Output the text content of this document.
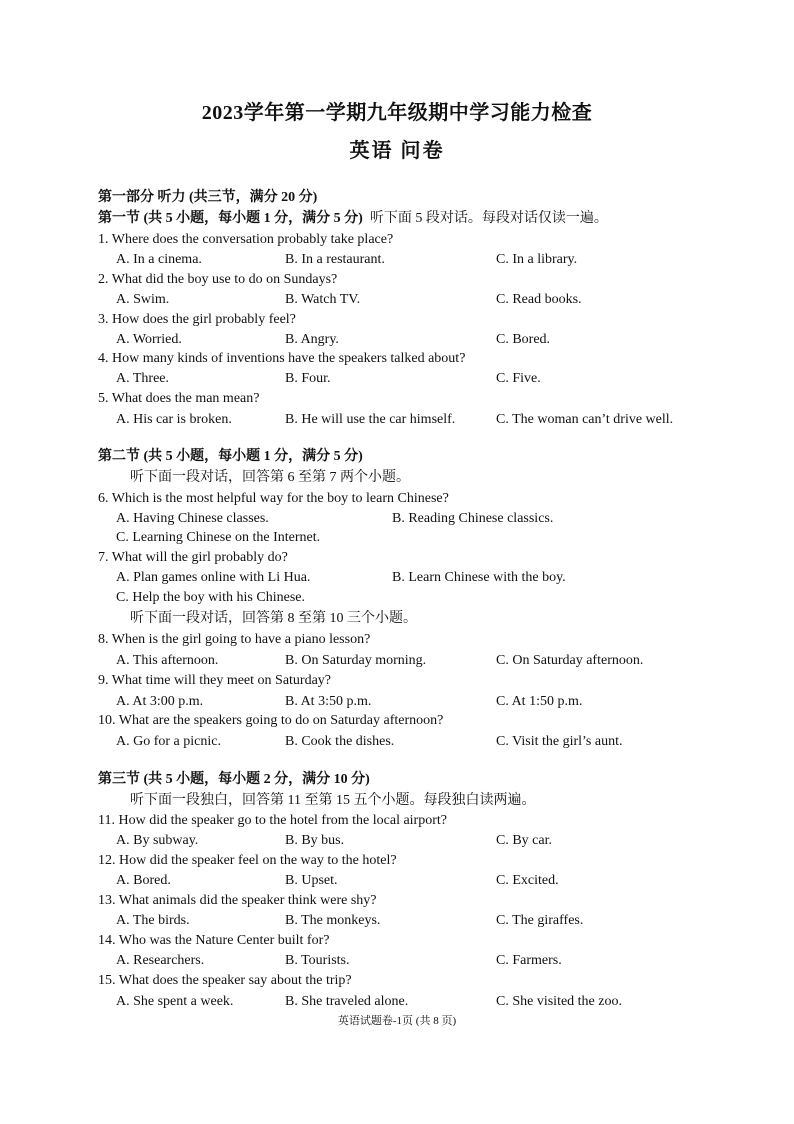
2023学年第一学期九年级期中学习能力检查
英语 问卷
第一部分 听力 (共三节，满分 20 分)
第一节 (共 5 小题，每小题 1 分，满分 5 分) 听下面 5 段对话。每段对话仅读一遍。
1. Where does the conversation probably take place?
A. In a cinema.	B. In a restaurant.	C. In a library.
2. What did the boy use to do on Sundays?
A. Swim.	B. Watch TV.	C. Read books.
3. How does the girl probably feel?
A. Worried.	B. Angry.	C. Bored.
4. How many kinds of inventions have the speakers talked about?
A. Three.	B. Four.	C. Five.
5. What does the man mean?
A. His car is broken.	B. He will use the car himself.	C. The woman can’t drive well.
第二节 (共 5 小题，每小题 1 分，满分 5 分)
听下面一段对话，回答第 6 至第 7 两个小题。
6. Which is the most helpful way for the boy to learn Chinese?
A. Having Chinese classes.	B. Reading Chinese classics.
C. Learning Chinese on the Internet.
7. What will the girl probably do?
A. Plan games online with Li Hua.	B. Learn Chinese with the boy.
C. Help the boy with his Chinese.
听下面一段对话，回答第 8 至第 10 三个小题。
8. When is the girl going to have a piano lesson?
A. This afternoon.	B. On Saturday morning.	C. On Saturday afternoon.
9. What time will they meet on Saturday?
A. At 3:00 p.m.	B. At 3:50 p.m.	C. At 1:50 p.m.
10. What are the speakers going to do on Saturday afternoon?
A. Go for a picnic.	B. Cook the dishes.	C. Visit the girl’s aunt.
第三节 (共 5 小题，每小题 2 分，满分 10 分)
听下面一段独白，回答第 11 至第 15 五个小题。每段独白读两遍。
11. How did the speaker go to the hotel from the local airport?
A. By subway.	B. By bus.	C. By car.
12. How did the speaker feel on the way to the hotel?
A. Bored.	B. Upset.	C. Excited.
13. What animals did the speaker think were shy?
A. The birds.	B. The monkeys.	C. The giraffes.
14. Who was the Nature Center built for?
A. Researchers.	B. Tourists.	C. Farmers.
15. What does the speaker say about the trip?
A. She spent a week.	B. She traveled alone.	C. She visited the zoo.
英语试题卷-1页 (共 8 页)
